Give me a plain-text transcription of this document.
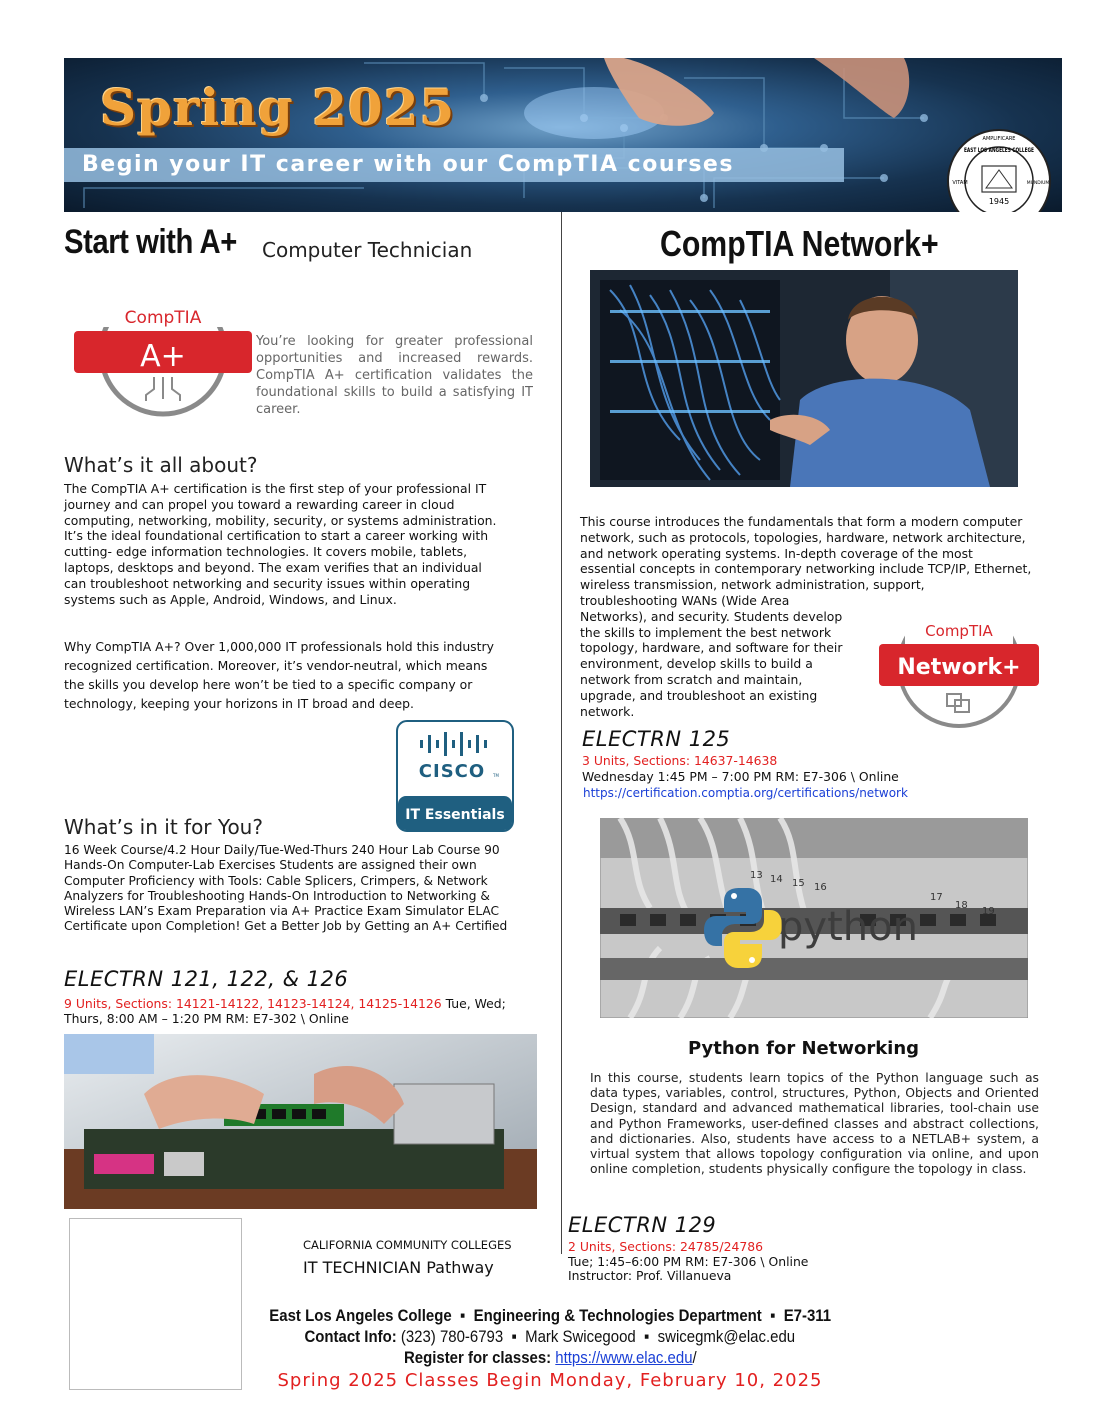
Spring 2025
Begin your IT career with our CompTIA courses
AMPLIFICARE
EAST LOS ANGELES COLLEGE
VITAM	MUNDIUM
1945
MUNDUM SOCIETATEM
Start with A+ Computer Technician
CompTIA
A+	You’re looking for greater professional opportunities and increased rewards. CompTIA A+ certification validates the foundational skills to build a satisfying IT career.
What’s it all about?
The CompTIA A+ certification is the first step of your professional IT journey and can propel you toward a rewarding career in cloud computing, networking, mobility, security, or systems administration. It’s the ideal foundational certification to start a career working with cutting- edge information technologies. It covers mobile, tablets, laptops, desktops and beyond. The exam verifies that an individual can troubleshoot networking and security issues within operating systems such as Apple, Android, Windows, and Linux.
Why CompTIA A+? Over 1,000,000 IT professionals hold this industry recognized certification. Moreover, it’s vendor-neutral, which means the skills you develop here won’t be tied to a specific company or technology, keeping your horizons in IT broad and deep.
CISCO TM
IT Essentials
What’s in it for You?
16 Week Course/4.2 Hour Daily/Tue-Wed-Thurs 240 Hour Lab Course 90 Hands-On Computer-Lab Exercises Students are assigned their own Computer Proficiency with Tools: Cable Splicers, Crimpers, & Network Analyzers for Troubleshooting Hands-On Introduction to Networking & Wireless LAN’s Exam Preparation via A+ Practice Exam Simulator ELAC Certificate upon Completion! Get a Better Job by Getting an A+ Certified
ELECTRN 121, 122, & 126
9 Units, Sections: 14121-14122, 14123-14124, 14125-14126 Tue, Wed; Thurs, 8:00 AM – 1:20 PM RM: E7-302 \ Online
CALIFORNIA COMMUNITY COLLEGES
IT TECHNICIAN Pathway
CompTIA Network+
This course introduces the fundamentals that form a modern computer network, such as protocols, topologies, hardware, network architecture, and network operating systems. In-depth coverage of the most essential concepts in contemporary networking include TCP/IP, Ethernet, wireless transmission, network administration, support,
troubleshooting WANs (Wide Area Networks), and security. Students develop the skills to implement the best network topology, hardware, and software for their environment, develop skills to build a network from scratch and maintain, upgrade, and troubleshoot an existing network.
CompTIA
Network+
ELECTRN 125
3 Units, Sections: 14637-14638
Wednesday 1:45 PM – 7:00 PM RM: E7-306 \ Online
https://certification.comptia.org/certifications/network
13 14 15 16
17
18
19
python
Python for Networking
In this course, students learn topics of the Python language such as data types, variables, control, structures, Python, Objects and Oriented Design, standard and advanced mathematical libraries, tool-chain use and Python Frameworks, user-defined classes and abstract collections, and dictionaries. Also, students have access to a NETLAB+ system, a virtual system that allows topology configuration via online, and upon online completion, students physically configure the topology in class.
ELECTRN 129
2 Units, Sections: 24785/24786
Tue; 1:45–6:00 PM RM: E7-306 \ Online
Instructor: Prof. Villanueva
East Los Angeles College ▪ Engineering & Technologies Department ▪ E7-311
Contact Info: (323) 780-6793 ▪ Mark Swicegood ▪ swicegmk@elac.edu
Register for classes: https://www.elac.edu/
Spring 2025 Classes Begin Monday, February 10, 2025
